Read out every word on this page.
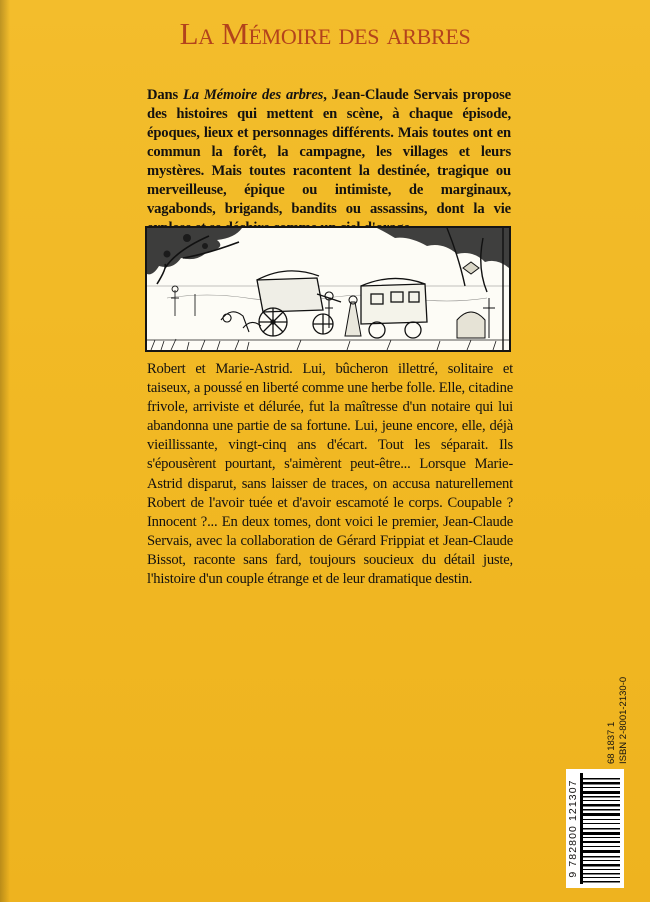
La Mémoire des arbres

Dans La Mémoire des arbres, Jean-Claude Servais propose des histoires qui mettent en scène, à chaque épisode, époques, lieux et personnages différents. Mais toutes ont en commun la forêt, la campagne, les villages et leurs mystères. Mais toutes racontent la destinée, tragique ou merveilleuse, épique ou intimiste, de marginaux, vagabonds, brigands, bandits ou assassins, dont la vie

Robert et Marie-Astrid. Lui, bûcheron illettré, solitaire et taiseux, a poussé en liberté comme une herbe folle. Elle, citadine frivole, arriviste et délurée, fut la maîtresse d'un notaire qui lui abandonna une partie de sa fortune. Lui, jeune encore, elle, déjà vieillissante, vingt-cinq ans d'écart. Tout les séparait. Ils s'épousèrent pourtant, s'aimèrent peut-être... Lorsque Marie-Astrid disparut, sans laisser de traces, on accusa naturellement Robert de l'avoir tuée et d'avoir escamoté le corps. Coupable ? Innocent ?... En deux tomes, dont voici le premier, Jean-Claude Servais, avec la collaboration de Gérard Frippiat et Jean-Claude Bissot, raconte sans fard, toujours soucieux du détail juste, l'histoire d'un couple étrange et de leur dramatique destin.

68 1837 1 ISBN 2-8001-2130-0
9 782800 121307
